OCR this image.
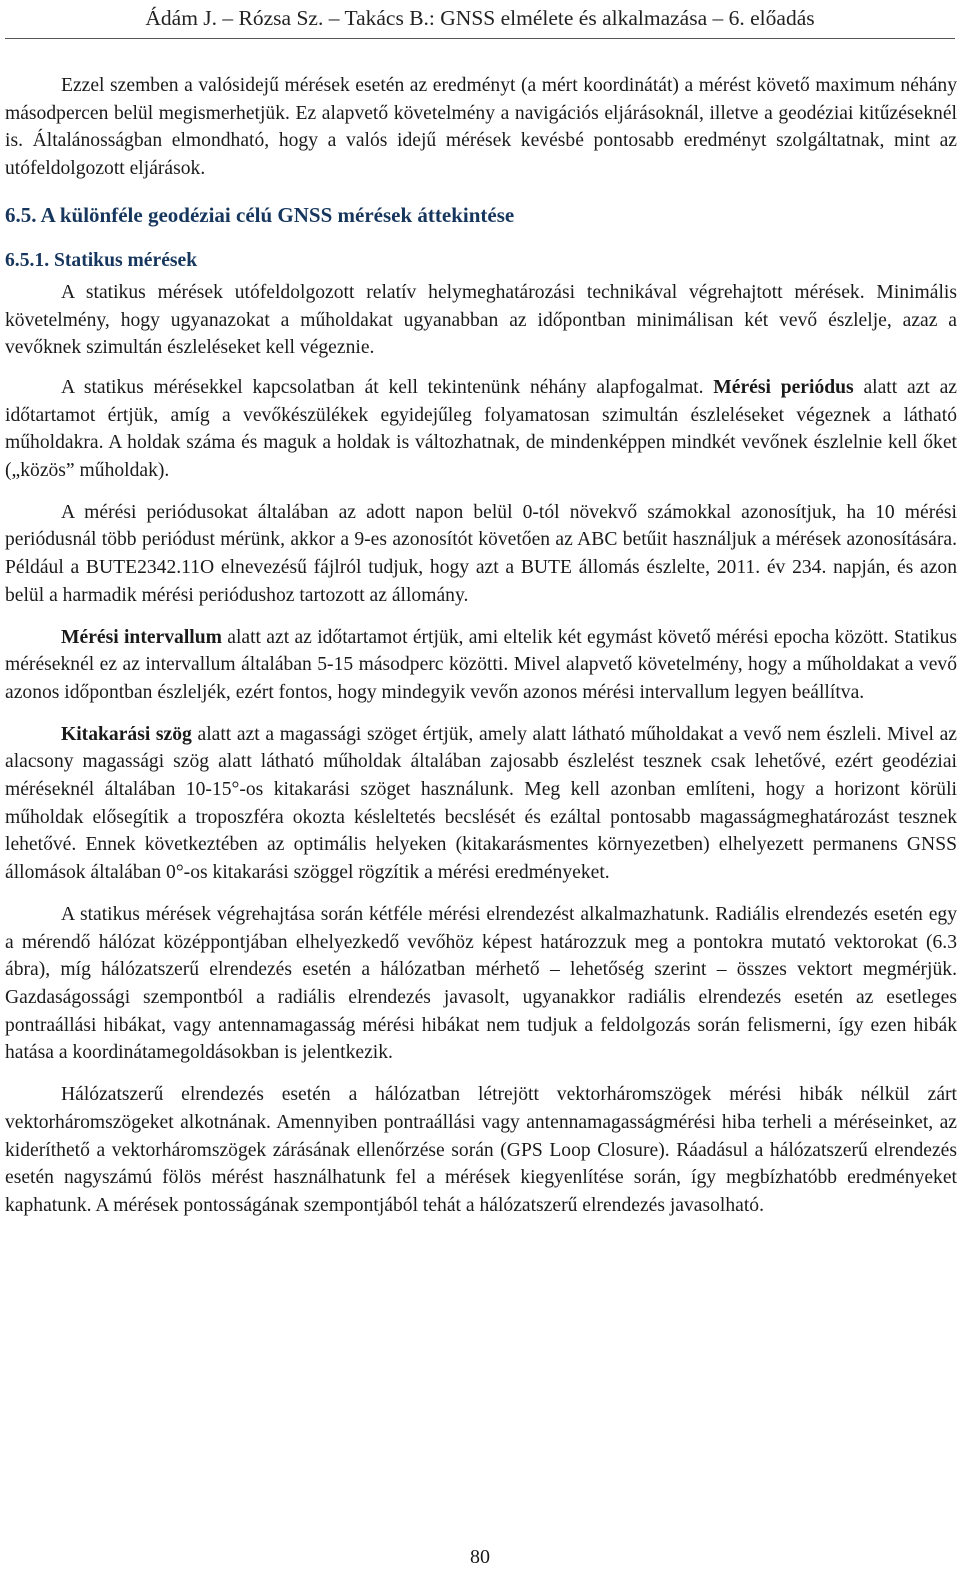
Ádám J. – Rózsa Sz. – Takács B.: GNSS elmélete és alkalmazása – 6. előadás

Ezzel szemben a valósidejű mérések esetén az eredményt (a mért koordinátát) a mérést követő maximum néhány másodpercen belül megismerhetjük. Ez alapvető követelmény a navigációs eljárásoknál, illetve a geodéziai kitűzéseknél is. Általánosságban elmondható, hogy a valós idejű mérések kevésbé pontosabb eredményt szolgáltatnak, mint az utófeldolgozott eljárások.

6.5. A különféle geodéziai célú GNSS mérések áttekintése
6.5.1. Statikus mérések

A statikus mérések utófeldolgozott relatív helymeghatározási technikával végrehajtott mérések. Minimális követelmény, hogy ugyanazokat a műholdakat ugyanabban az időpontban minimálisan két vevő észlelje, azaz a vevőknek szimultán észleléseket kell végeznie.

A statikus mérésekkel kapcsolatban át kell tekintenünk néhány alapfogalmat. Mérési periódus alatt azt az időtartamot értjük, amíg a vevőkészülékek egyidejűleg folyamatosan szimultán észleléseket végeznek a látható műholdakra. A holdak száma és maguk a holdak is változhatnak, de mindenképpen mindkét vevőnek észlelnie kell őket („közös” műholdak).

A mérési periódusokat általában az adott napon belül 0-tól növekvő számokkal azonosítjuk, ha 10 mérési periódusnál több periódust mérünk, akkor a 9-es azonosítót követően az ABC betűit használjuk a mérések azonosítására. Például a BUTE2342.11O elnevezésű fájlról tudjuk, hogy azt a BUTE állomás észlelte, 2011. év 234. napján, és azon belül a harmadik mérési periódushoz tartozott az állomány.

Mérési intervallum alatt azt az időtartamot értjük, ami eltelik két egymást követő mérési epocha között. Statikus méréseknél ez az intervallum általában 5-15 másodperc közötti. Mivel alapvető követelmény, hogy a műholdakat a vevő azonos időpontban észleljék, ezért fontos, hogy mindegyik vevőn azonos mérési intervallum legyen beállítva.

Kitakarási szög alatt azt a magassági szöget értjük, amely alatt látható műholdakat a vevő nem észleli. Mivel az alacsony magassági szög alatt látható műholdak általában zajosabb észlelést tesznek csak lehetővé, ezért geodéziai méréseknél általában 10-15°-os kitakarási szöget használunk. Meg kell azonban említeni, hogy a horizont körüli műholdak elősegítik a troposzféra okozta késleltetés becslését és ezáltal pontosabb magasságmeghatározást tesznek lehetővé. Ennek következtében az optimális helyeken (kitakarásmentes környezetben) elhelyezett permanens GNSS állomások általában 0°-os kitakarási szöggel rögzítik a mérési eredményeket.

A statikus mérések végrehajtása során kétféle mérési elrendezést alkalmazhatunk. Radiális elrendezés esetén egy a mérendő hálózat középpontjában elhelyezkedő vevőhöz képest határozzuk meg a pontokra mutató vektorokat (6.3 ábra), míg hálózatszerű elrendezés esetén a hálózatban mérhető – lehetőség szerint – összes vektort megmérjük. Gazdaságossági szempontból a radiális elrendezés javasolt, ugyanakkor radiális elrendezés esetén az esetleges pontraállási hibákat, vagy antennamagasság mérési hibákat nem tudjuk a feldolgozás során felismerni, így ezen hibák hatása a koordinátamegoldásokban is jelentkezik.

Hálózatszerű elrendezés esetén a hálózatban létrejött vektorháromszögek mérési hibák nélkül zárt vektorháromszögeket alkotnának. Amennyiben pontraállási vagy antennamagasságmérési hiba terheli a méréseinket, az kideríthető a vektorháromszögek zárásának ellenőrzése során (GPS Loop Closure). Ráadásul a hálózatszerű elrendezés esetén nagyszámú fölös mérést használhatunk fel a mérések kiegyenlítése során, így megbízhatóbb eredményeket kaphatunk. A mérések pontosságának szempontjából tehát a hálózatszerű elrendezés javasolható.

80
